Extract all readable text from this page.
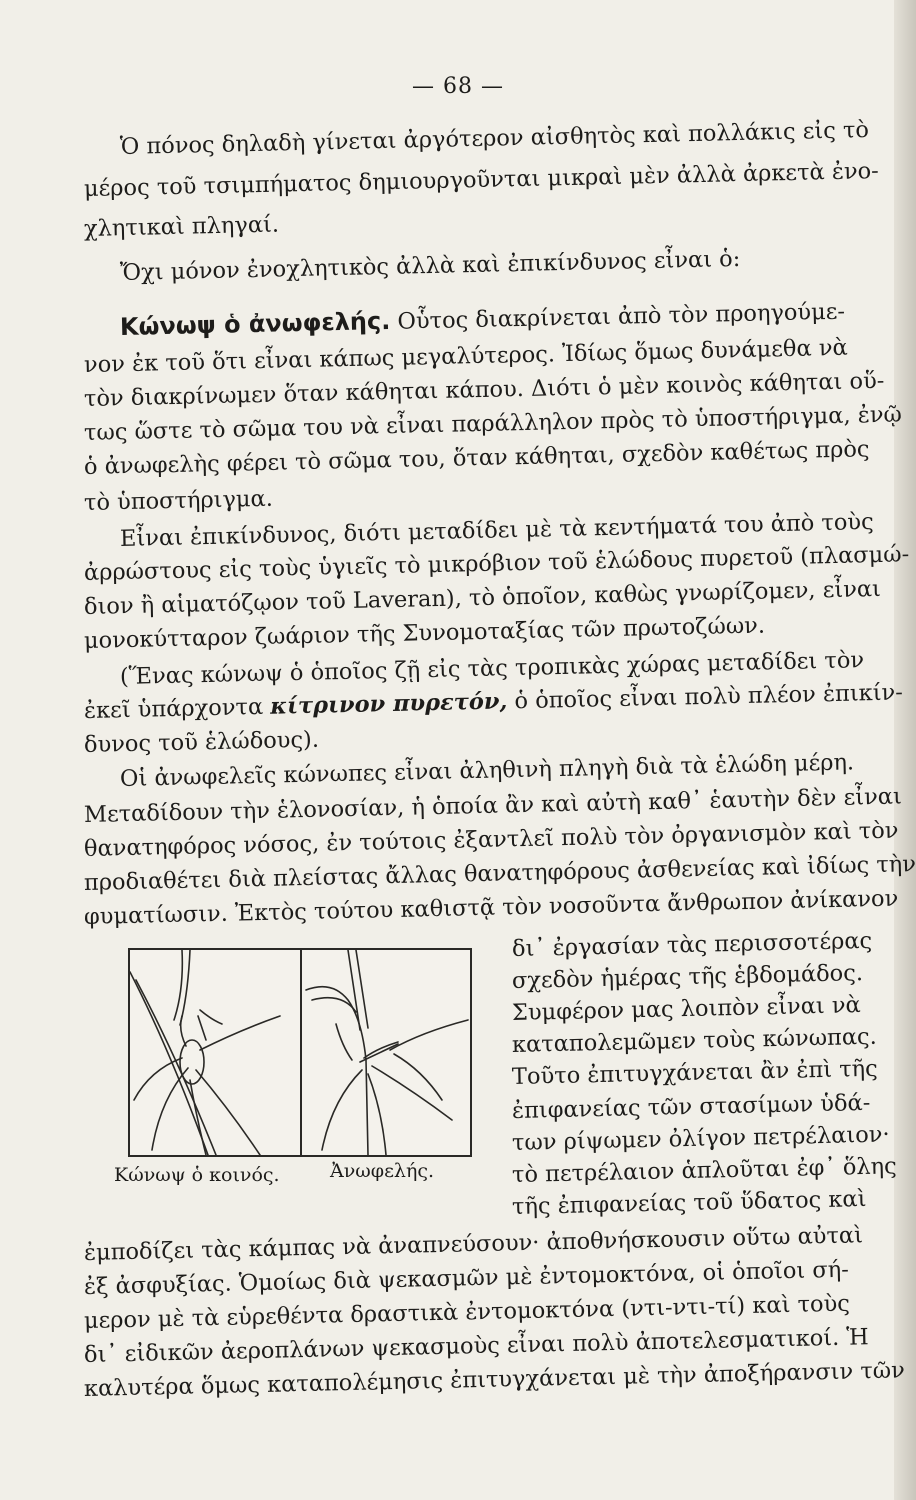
— 68 —
Ὁ πόνος δηλαδὴ γίνεται ἀργότερον αἰσθητὸς καὶ πολλάκις εἰς τὸ
μέρος τοῦ τσιμπήματος δημιουργοῦνται μικραὶ μὲν ἀλλὰ ἀρκετὰ ἐνο-
χλητικαὶ πληγαί.
Ὄχι μόνον ἐνοχλητικὸς ἀλλὰ καὶ ἐπικίνδυνος εἶναι ὁ:
Κώνωψ ὁ ἀνωφελής. Οὗτος διακρίνεται ἀπὸ τὸν προηγούμε-
νον ἐκ τοῦ ὅτι εἶναι κάπως μεγαλύτερος. Ἰδίως ὅμως δυνάμεθα νὰ
τὸν διακρίνωμεν ὅταν κάθηται κάπου. Διότι ὁ μὲν κοινὸς κάθηται οὕ-
τως ὥστε τὸ σῶμα του νὰ εἶναι παράλληλον πρὸς τὸ ὑποστήριγμα, ἐνῷ
ὁ ἀνωφελὴς φέρει τὸ σῶμα του, ὅταν κάθηται, σχεδὸν καθέτως πρὸς
τὸ ὑποστήριγμα.
Εἶναι ἐπικίνδυνος, διότι μεταδίδει μὲ τὰ κεντήματά του ἀπὸ τοὺς
ἀρρώστους εἰς τοὺς ὑγιεῖς τὸ μικρόβιον τοῦ ἑλώδους πυρετοῦ (πλασμώ-
διον ἢ αἱματόζῳον τοῦ Laveran), τὸ ὁποῖον, καθὼς γνωρίζομεν, εἶναι
μονοκύτταρον ζωάριον τῆς Συνομοταξίας τῶν πρωτοζώων.
(Ἕνας κώνωψ ὁ ὁποῖος ζῇ εἰς τὰς τροπικὰς χώρας μεταδίδει τὸν
ἐκεῖ ὑπάρχοντα κίτρινον πυρετόν, ὁ ὁποῖος εἶναι πολὺ πλέον ἐπικίν-
δυνος τοῦ ἑλώδους).
Οἱ ἀνωφελεῖς κώνωπες εἶναι ἀληθινὴ πληγὴ διὰ τὰ ἑλώδη μέρη.
Μεταδίδουν τὴν ἑλονοσίαν, ἡ ὁποία ἂν καὶ αὐτὴ καθ᾽ ἑαυτὴν δὲν εἶναι
θανατηφόρος νόσος, ἐν τούτοις ἐξαντλεῖ πολὺ τὸν ὀργανισμὸν καὶ τὸν
προδιαθέτει διὰ πλείστας ἄλλας θανατηφόρους ἀσθενείας καὶ ἰδίως τὴν
φυματίωσιν. Ἐκτὸς τούτου καθιστᾷ τὸν νοσοῦντα ἄνθρωπον ἀνίκανον
δι᾽ ἐργασίαν τὰς περισσοτέρας
σχεδὸν ἡμέρας τῆς ἑβδομάδος.
Συμφέρον μας λοιπὸν εἶναι νὰ
καταπολεμῶμεν τοὺς κώνωπας.
Τοῦτο ἐπιτυγχάνεται ἂν ἐπὶ τῆς
ἐπιφανείας τῶν στασίμων ὑδά-
των ρίψωμεν ὀλίγον πετρέλαιον·
τὸ πετρέλαιον ἁπλοῦται ἐφ᾽ ὅλης
τῆς ἐπιφανείας τοῦ ὕδατος καὶ
ἐμποδίζει τὰς κάμπας νὰ ἀναπνεύσουν· ἀποθνήσκουσιν οὕτω αὐταὶ
ἐξ ἀσφυξίας. Ὁμοίως διὰ ψεκασμῶν μὲ ἐντομοκτόνα, οἱ ὁποῖοι σή-
μερον μὲ τὰ εὑρεθέντα δραστικὰ ἐντομοκτόνα (ντι-ντι-τί) καὶ τοὺς
δι᾽ εἰδικῶν ἀεροπλάνων ψεκασμοὺς εἶναι πολὺ ἀποτελεσματικοί. Ἡ
καλυτέρα ὅμως καταπολέμησις ἐπιτυγχάνεται μὲ τὴν ἀποξήρανσιν τῶν
Κώνωψ ὁ κοινός.	Ἀνωφελής.
